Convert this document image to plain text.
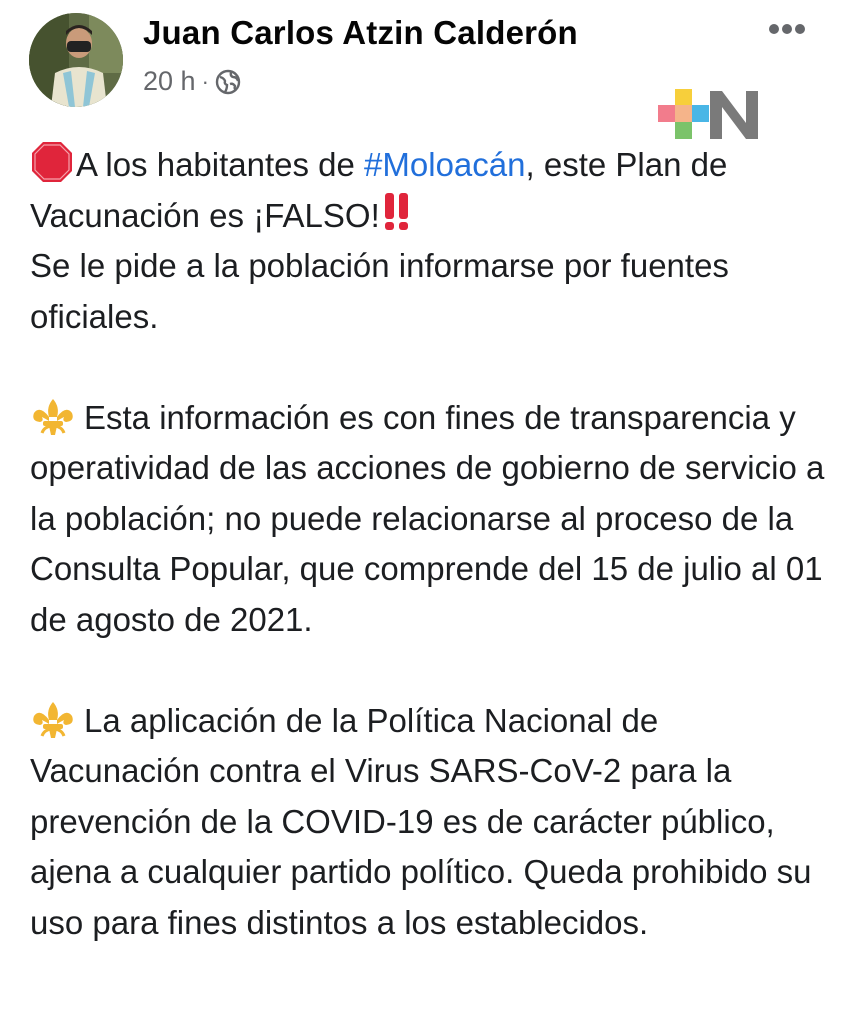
Juan Carlos Atzin Calderón
20 h ·

A los habitantes de #Moloacán, este Plan de Vacunación es ¡FALSO!

Se le pide a la población informarse por fuentes oficiales.

Esta información es con fines de transparencia y operatividad de las acciones de gobierno de servicio a la población; no puede relacionarse al proceso de la Consulta Popular, que comprende del 15 de julio al 01 de agosto de 2021.

La aplicación de la Política Nacional de Vacunación contra el Virus SARS-CoV-2 para la prevención de la COVID-19 es de carácter público, ajena a cualquier partido político. Queda prohibido su uso para fines distintos a los establecidos.
